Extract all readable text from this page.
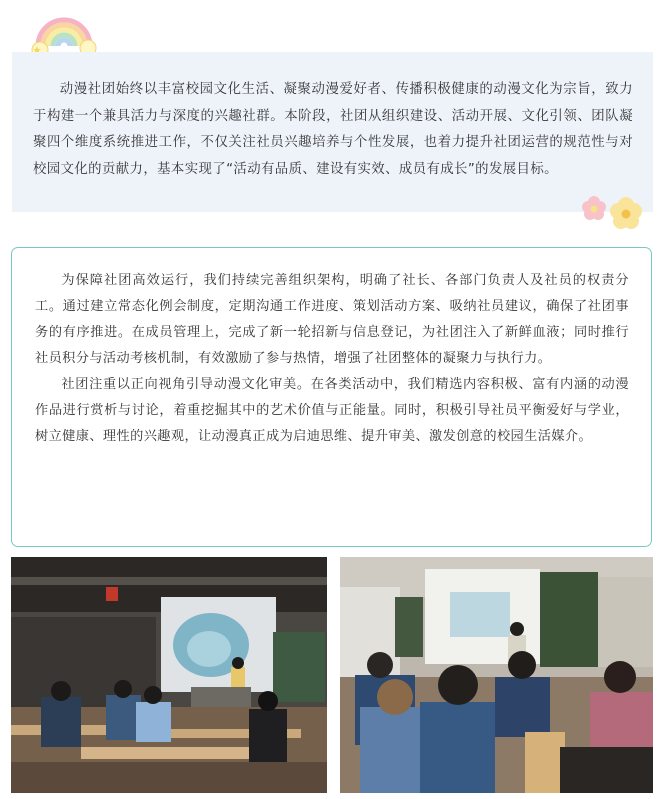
动漫社团始终以丰富校园文化生活、凝聚动漫爱好者、传播积极健康的动漫文化为宗旨，致力于构建一个兼具活力与深度的兴趣社群。本阶段，社团从组织建设、活动开展、文化引领、团队凝聚四个维度系统推进工作，不仅关注社员兴趣培养与个性发展，也着力提升社团运营的规范性与对校园文化的贡献力，基本实现了“活动有品质、建设有实效、成员有成长”的发展目标。

为保障社团高效运行，我们持续完善组织架构，明确了社长、各部门负责人及社员的权责分工。通过建立常态化例会制度，定期沟通工作进度、策划活动方案、吸纳社员建议，确保了社团事务的有序推进。在成员管理上，完成了新一轮招新与信息登记，为社团注入了新鲜血液；同时推行社员积分与活动考核机制，有效激励了参与热情，增强了社团整体的凝聚力与执行力。

社团注重以正向视角引导动漫文化审美。在各类活动中，我们精选内容积极、富有内涵的动漫作品进行赏析与讨论，着重挖掘其中的艺术价值与正能量。同时，积极引导社员平衡爱好与学业，树立健康、理性的兴趣观，让动漫真正成为启迪思维、提升审美、激发创意的校园生活媒介。
